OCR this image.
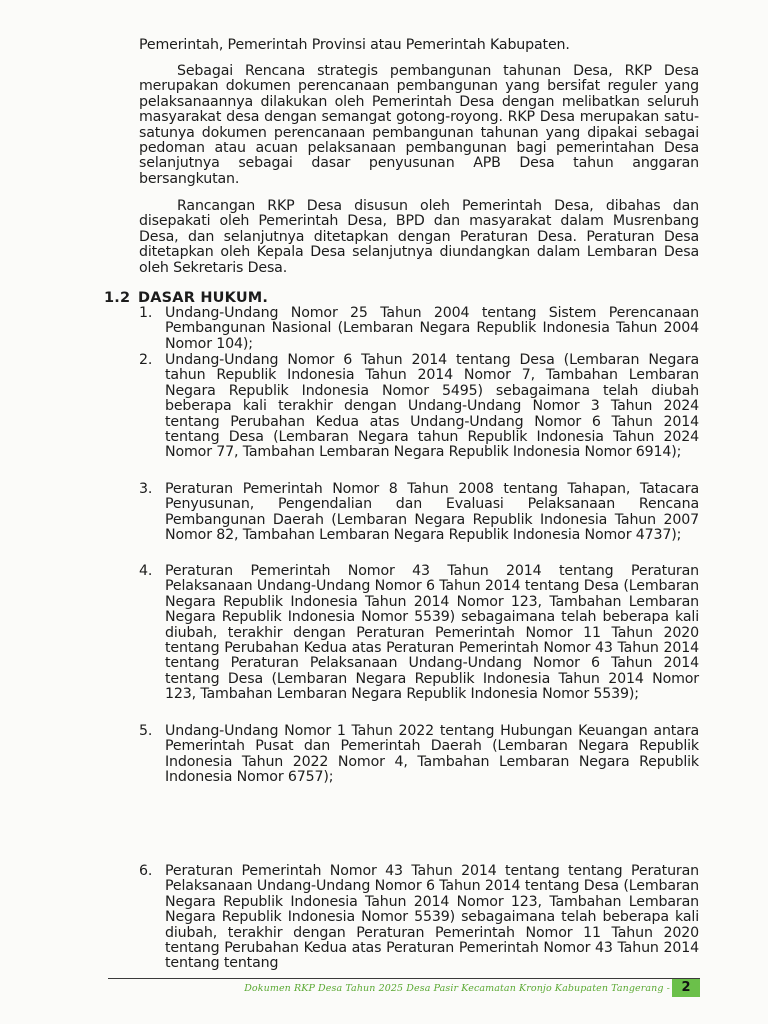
Pemerintah, Pemerintah Provinsi atau Pemerintah Kabupaten.

Sebagai Rencana strategis pembangunan tahunan Desa, RKP Desa merupakan dokumen perencanaan pembangunan yang bersifat reguler yang pelaksanaannya dilakukan oleh Pemerintah Desa dengan melibatkan seluruh masyarakat desa dengan semangat gotong-royong. RKP Desa merupakan satu-satunya dokumen perencanaan pembangunan tahunan yang dipakai sebagai pedoman atau acuan pelaksanaan pembangunan bagi pemerintahan Desa selanjutnya sebagai dasar penyusunan APB Desa tahun anggaran bersangkutan.

Rancangan RKP Desa disusun oleh Pemerintah Desa, dibahas dan disepakati oleh Pemerintah Desa, BPD dan masyarakat dalam Musrenbang Desa, dan selanjutnya ditetapkan dengan Peraturan Desa. Peraturan Desa ditetapkan oleh Kepala Desa selanjutnya diundangkan dalam Lembaran Desa oleh Sekretaris Desa.

1.2 DASAR HUKUM.
1. Undang-Undang Nomor 25 Tahun 2004 tentang Sistem Perencanaan Pembangunan Nasional (Lembaran Negara Republik Indonesia Tahun 2004 Nomor 104);
2. Undang-Undang Nomor 6 Tahun 2014 tentang Desa (Lembaran Negara tahun Republik Indonesia Tahun 2014 Nomor 7, Tambahan Lembaran Negara Republik Indonesia Nomor 5495) sebagaimana telah diubah beberapa kali terakhir dengan Undang-Undang Nomor 3 Tahun 2024 tentang Perubahan Kedua atas Undang-Undang Nomor 6 Tahun 2014 tentang Desa (Lembaran Negara tahun Republik Indonesia Tahun 2024 Nomor 77, Tambahan Lembaran Negara Republik Indonesia Nomor 6914);
3. Peraturan Pemerintah Nomor 8 Tahun 2008 tentang Tahapan, Tatacara Penyusunan, Pengendalian dan Evaluasi Pelaksanaan Rencana Pembangunan Daerah (Lembaran Negara Republik Indonesia Tahun 2007 Nomor 82, Tambahan Lembaran Negara Republik Indonesia Nomor 4737);
4. Peraturan Pemerintah Nomor 43 Tahun 2014 tentang Peraturan Pelaksanaan Undang-Undang Nomor 6 Tahun 2014 tentang Desa (Lembaran Negara Republik Indonesia Tahun 2014 Nomor 123, Tambahan Lembaran Negara Republik Indonesia Nomor 5539) sebagaimana telah beberapa kali diubah, terakhir dengan Peraturan Pemerintah Nomor 11 Tahun 2020 tentang Perubahan Kedua atas Peraturan Pemerintah Nomor 43 Tahun 2014 tentang Peraturan Pelaksanaan Undang-Undang Nomor 6 Tahun 2014 tentang Desa (Lembaran Negara Republik Indonesia Tahun 2014 Nomor 123, Tambahan Lembaran Negara Republik Indonesia Nomor 5539);
5. Undang-Undang Nomor 1 Tahun 2022 tentang Hubungan Keuangan antara Pemerintah Pusat dan Pemerintah Daerah (Lembaran Negara Republik Indonesia Tahun 2022 Nomor 4, Tambahan Lembaran Negara Republik Indonesia Nomor 6757);
6. Peraturan Pemerintah Nomor 43 Tahun 2014 tentang tentang Peraturan Pelaksanaan Undang-Undang Nomor 6 Tahun 2014 tentang Desa (Lembaran Negara Republik Indonesia Tahun 2014 Nomor 123, Tambahan Lembaran Negara Republik Indonesia Nomor 5539) sebagaimana telah beberapa kali diubah, terakhir dengan Peraturan Pemerintah Nomor 11 Tahun 2020 tentang Perubahan Kedua atas Peraturan Pemerintah Nomor 43 Tahun 2014 tentang tentang
Dokumen RKP Desa Tahun 2025 Desa Pasir Kecamatan Kronjo Kabupaten Tangerang - 2
